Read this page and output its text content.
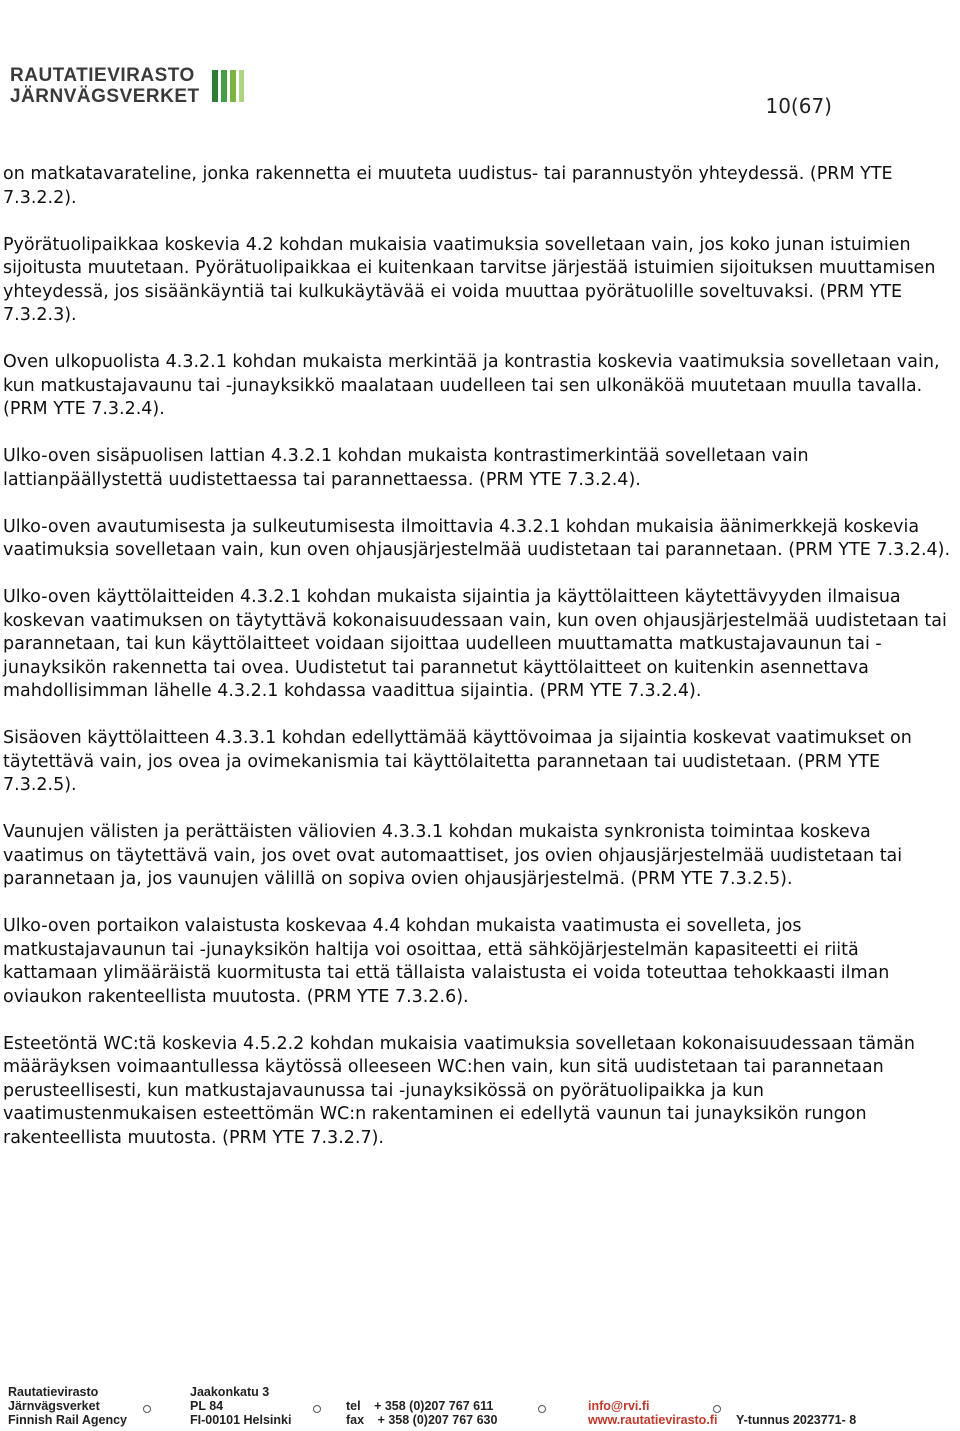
RAUTATIEVIRASTO
JÄRNVÄGSVERKET	10(67)

on matkatavarateline, jonka rakennetta ei muuteta uudistus- tai parannustyön yhteydessä. (PRM YTE 7.3.2.2).

Pyörätuolipaikkaa koskevia 4.2 kohdan mukaisia vaatimuksia sovelletaan vain, jos koko junan istuimien sijoitusta muutetaan. Pyörätuolipaikkaa ei kuitenkaan tarvitse järjestää istuimien sijoituksen muuttamisen yhteydessä, jos sisäänkäyntiä tai kulkukäytävää ei voida muuttaa pyörätuolille soveltuvaksi. (PRM YTE 7.3.2.3).

Oven ulkopuolista 4.3.2.1 kohdan mukaista merkintää ja kontrastia koskevia vaatimuksia sovelletaan vain, kun matkustajavaunu tai -junayksikkö maalataan uudelleen tai sen ulkonäköä muutetaan muulla tavalla. (PRM YTE 7.3.2.4).

Ulko-oven sisäpuolisen lattian 4.3.2.1 kohdan mukaista kontrastimerkintää sovelletaan vain lattianpäällystettä uudistettaessa tai parannettaessa. (PRM YTE 7.3.2.4).

Ulko-oven avautumisesta ja sulkeutumisesta ilmoittavia 4.3.2.1 kohdan mukaisia äänimerkkejä koskevia vaatimuksia sovelletaan vain, kun oven ohjausjärjestelmää uudistetaan tai parannetaan. (PRM YTE 7.3.2.4).

Ulko-oven käyttölaitteiden 4.3.2.1 kohdan mukaista sijaintia ja käyttölaitteen käytettävyyden ilmaisua koskevan vaatimuksen on täytyttävä kokonaisuudessaan vain, kun oven ohjausjärjestelmää uudistetaan tai parannetaan, tai kun käyttölaitteet voidaan sijoittaa uudelleen muuttamatta matkustajavaunun tai -junayksikön rakennetta tai ovea. Uudistetut tai parannetut käyttölaitteet on kuitenkin asennettava mahdollisimman lähelle 4.3.2.1 kohdassa vaadittua sijaintia. (PRM YTE 7.3.2.4).

Sisäoven käyttölaitteen 4.3.3.1 kohdan edellyttämää käyttövoimaa ja sijaintia koskevat vaatimukset on täytettävä vain, jos ovea ja ovimekanismia tai käyttölaitetta parannetaan tai uudistetaan. (PRM YTE 7.3.2.5).

Vaunujen välisten ja perättäisten väliovien 4.3.3.1 kohdan mukaista synkronista toimintaa koskeva vaatimus on täytettävä vain, jos ovet ovat automaattiset, jos ovien ohjausjärjestelmää uudistetaan tai parannetaan ja, jos vaunujen välillä on sopiva ovien ohjausjärjestelmä. (PRM YTE 7.3.2.5).

Ulko-oven portaikon valaistusta koskevaa 4.4 kohdan mukaista vaatimusta ei sovelleta, jos matkustajavaunun tai -junayksikön haltija voi osoittaa, että sähköjärjestelmän kapasiteetti ei riitä kattamaan ylimääräistä kuormitusta tai että tällaista valaistusta ei voida toteuttaa tehokkaasti ilman oviaukon rakenteellista muutosta. (PRM YTE 7.3.2.6).

Esteetöntä WC:tä koskevia 4.5.2.2 kohdan mukaisia vaatimuksia sovelletaan kokonaisuudessaan tämän määräyksen voimaantullessa käytössä olleeseen WC:hen vain, kun sitä uudistetaan tai parannetaan perusteellisesti, kun matkustajavaunussa tai -junayksikössä on pyörätuolipaikka ja kun vaatimustenmukaisen esteettömän WC:n rakentaminen ei edellytä vaunun tai junayksikön rungon rakenteellista muutosta. (PRM YTE 7.3.2.7).

Rautatievirasto
Järnvägsverket
Finnish Rail Agency
Jaakonkatu 3
PL 84
FI-00101 Helsinki
tel + 358 (0)207 767 611
fax + 358 (0)207 767 630
info@rvi.fi
www.rautatievirasto.fi Y-tunnus 2023771- 8
